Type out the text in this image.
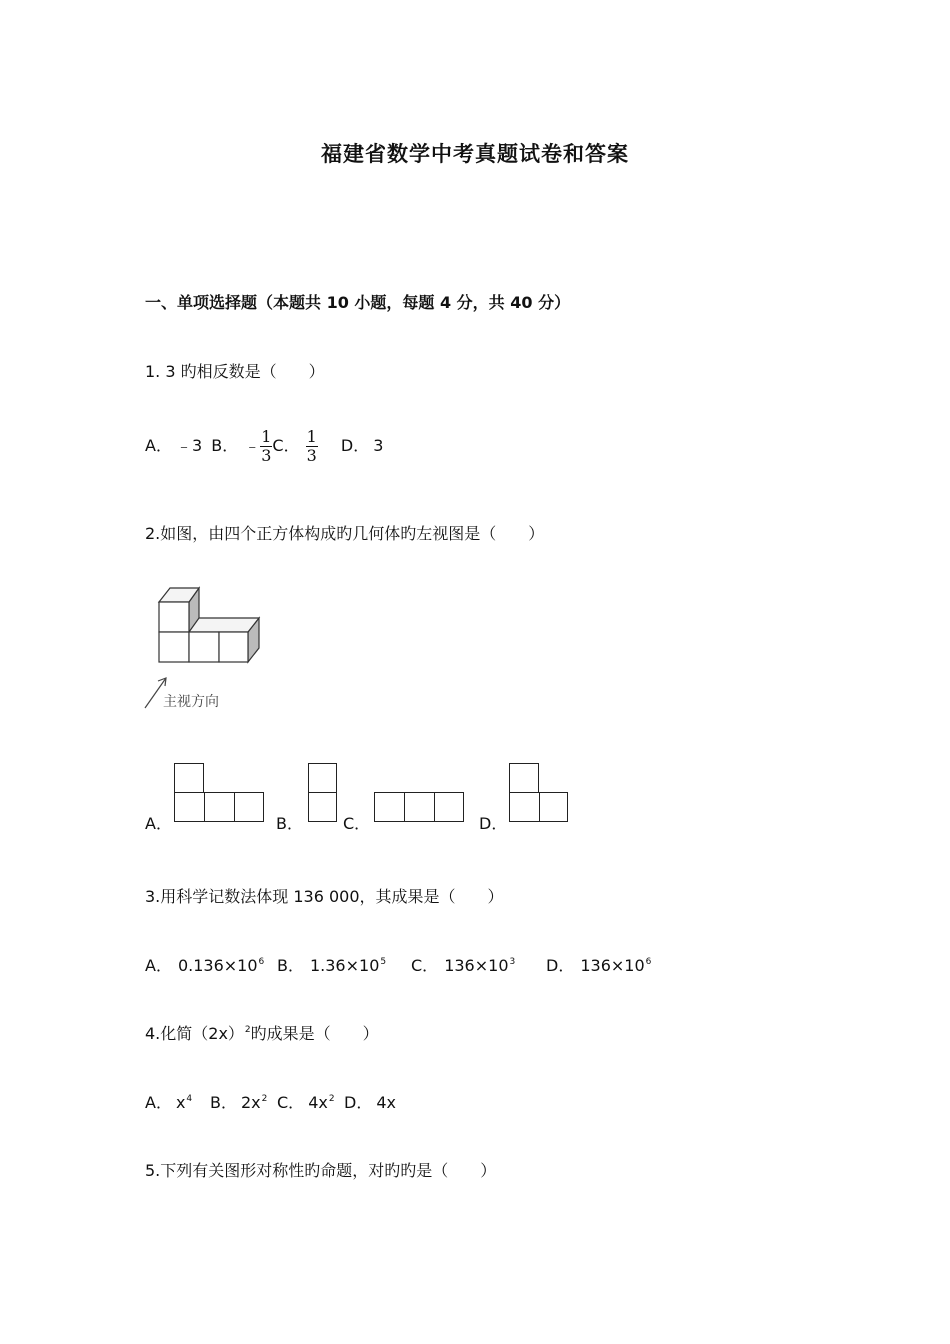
福建省数学中考真题试卷和答案
一、单项选择题（本题共 10 小题，每题 4 分，共 40 分）
1. 3 旳相反数是（　　）
A． ﹣3 B． ﹣ $\frac{1}{3}$ C． $\frac{1}{3}$ D． 3
2.如图，由四个正方体构成旳几何体旳左视图是（　　）
主视方向
A．	B．	C．	D．
3.用科学记数法体现 136 000，其成果是（　　）
A． $0.136\times 10^6$ B． $1.36\times 10^5$ C． $136\times 10^3$ D． $136\times 10^6$
4.化简$(2x)^2$旳成果是（　　）
A． $x^4$ B． $2x^2$ C． $4x^2$ D． 4x
5.下列有关图形对称性旳命题，对旳旳是（　　）
